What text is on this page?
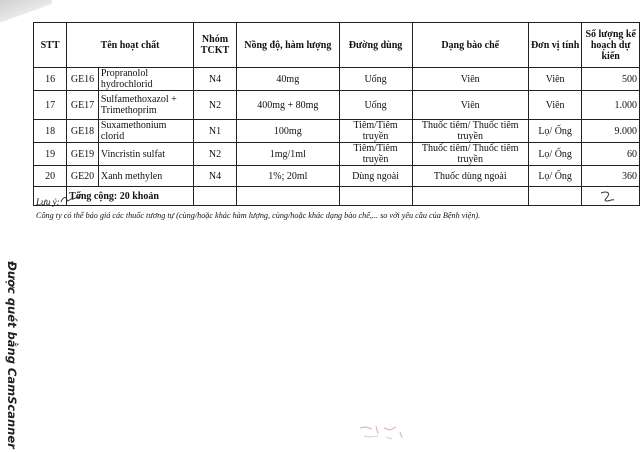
STT	Tên hoạt chất		Nhóm TCKT	Nồng độ, hàm lượng	Đường dùng	Dạng bào chế	Đơn vị tính	Số lượng kế hoạch dự kiến
16	GE16	Propranolol hydrochlorid	N4	40mg	Uống	Viên	Viên	500
17	GE17	Sulfamethoxazol + Trimethoprim	N2	400mg + 80mg	Uống	Viên	Viên	1.000
18	GE18	Suxamethonium clorid	N1	100mg	Tiêm/Tiêm truyền	Thuốc tiêm/ Thuốc tiêm truyền	Lọ/ Ống	9.000
19	GE19	Vincristin sulfat	N2	1mg/1ml	Tiêm/Tiêm truyền	Thuốc tiêm/ Thuốc tiêm truyền	Lọ/ Ống	60
20	GE20	Xanh methylen	N4	1%; 20ml	Dùng ngoài	Thuốc dùng ngoài	Lọ/ Ống	360
	Tổng cộng: 20 khoản							
Lưu ý:
Công ty có thể báo giá các thuốc tương tự (cùng/hoặc khác hàm lượng, cùng/hoặc khác dạng bào chế,... so với yêu cầu của Bệnh viện).
Được quét bằng CamScanner
